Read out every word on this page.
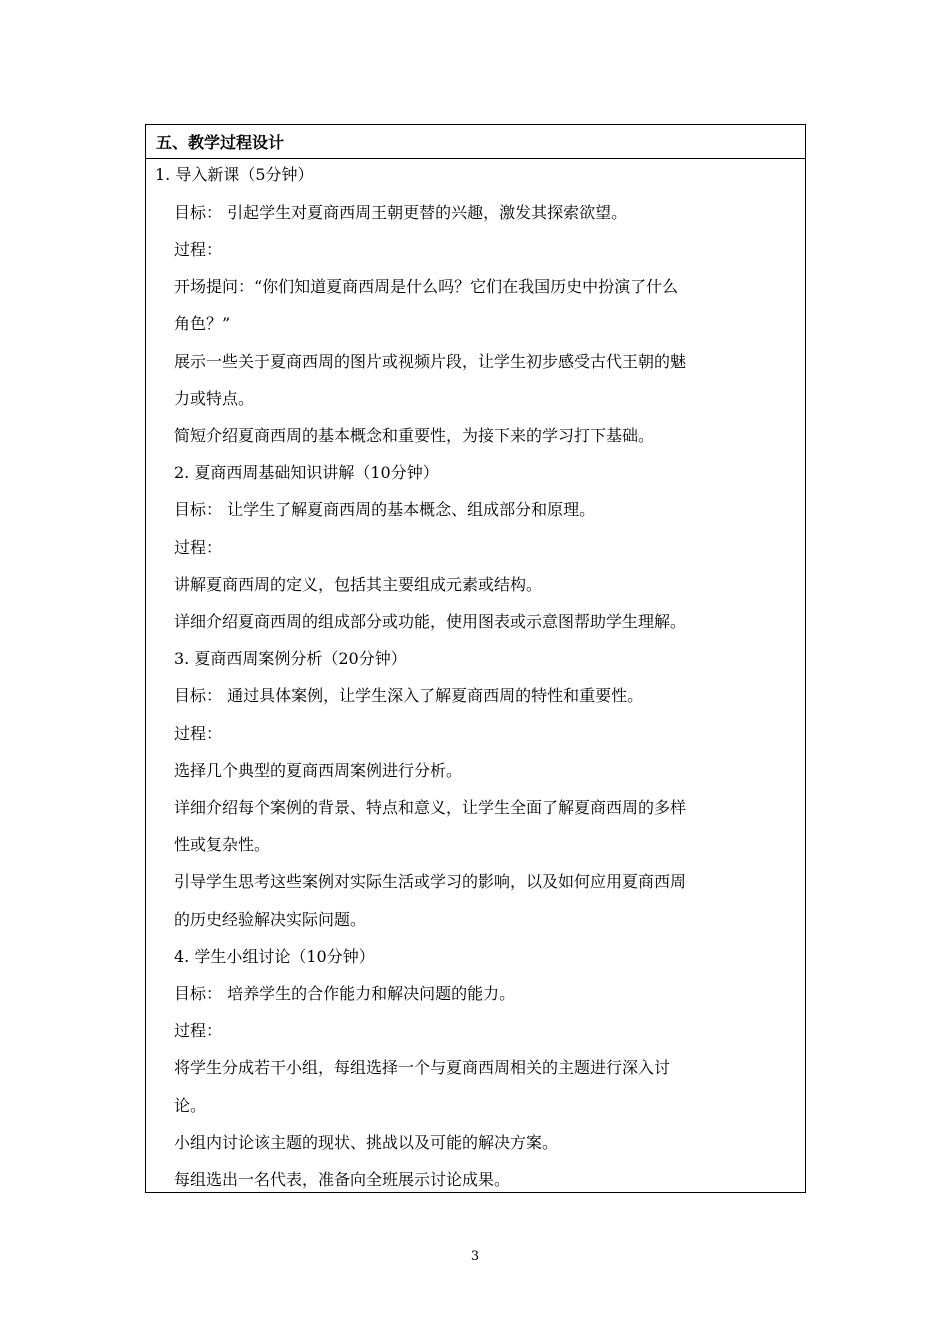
五、教学过程设计
1. 导入新课（5分钟）
目标： 引起学生对夏商西周王朝更替的兴趣，激发其探索欲望。
过程：
开场提问：“你们知道夏商西周是什么吗？它们在我国历史中扮演了什么
角色？”
展示一些关于夏商西周的图片或视频片段，让学生初步感受古代王朝的魅
力或特点。
简短介绍夏商西周的基本概念和重要性，为接下来的学习打下基础。
2. 夏商西周基础知识讲解（10分钟）
目标： 让学生了解夏商西周的基本概念、组成部分和原理。
过程：
讲解夏商西周的定义，包括其主要组成元素或结构。
详细介绍夏商西周的组成部分或功能，使用图表或示意图帮助学生理解。
3. 夏商西周案例分析（20分钟）
目标： 通过具体案例，让学生深入了解夏商西周的特性和重要性。
过程：
选择几个典型的夏商西周案例进行分析。
详细介绍每个案例的背景、特点和意义，让学生全面了解夏商西周的多样
性或复杂性。
引导学生思考这些案例对实际生活或学习的影响，以及如何应用夏商西周
的历史经验解决实际问题。
4. 学生小组讨论（10分钟）
目标： 培养学生的合作能力和解决问题的能力。
过程：
将学生分成若干小组，每组选择一个与夏商西周相关的主题进行深入讨
论。
小组内讨论该主题的现状、挑战以及可能的解决方案。
每组选出一名代表，准备向全班展示讨论成果。
3
